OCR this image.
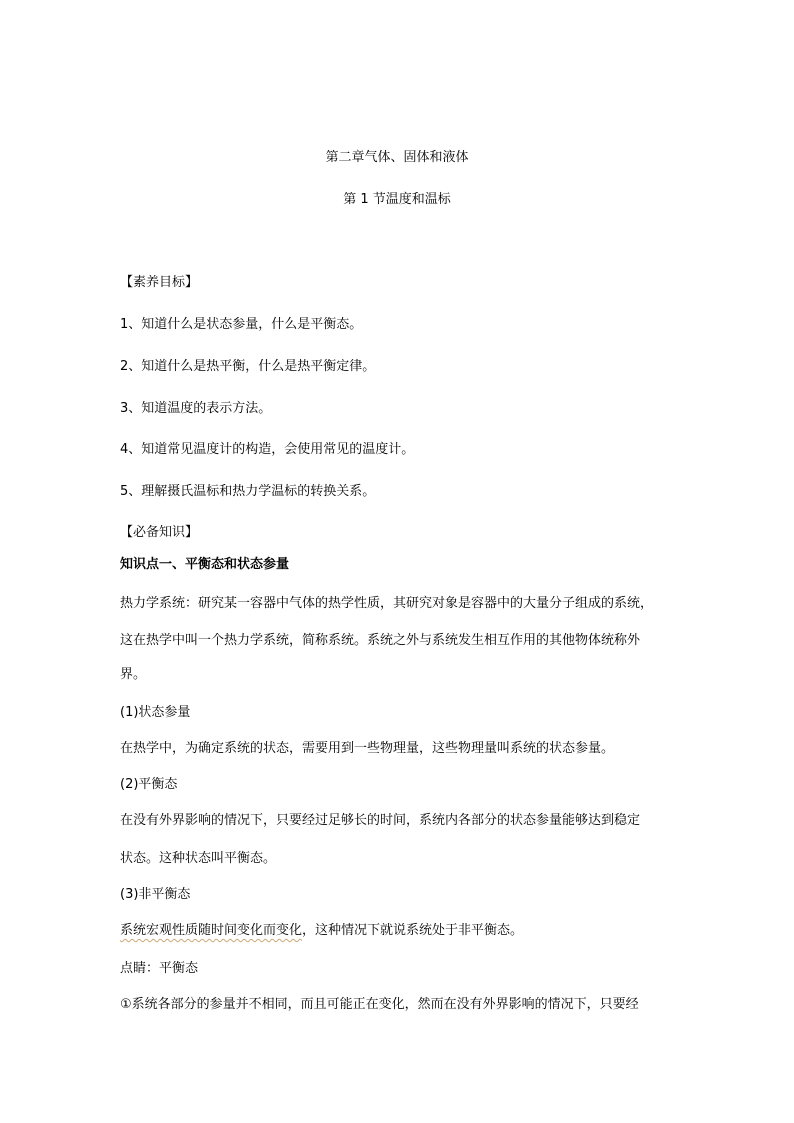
第二章气体、固体和液体
第 1 节温度和温标
【素养目标】
1、知道什么是状态参量，什么是平衡态。
2、知道什么是热平衡，什么是热平衡定律。
3、知道温度的表示方法。
4、知道常见温度计的构造，会使用常见的温度计。
5、理解摄氏温标和热力学温标的转换关系。
【必备知识】
知识点一、平衡态和状态参量
热力学系统：研究某一容器中气体的热学性质，其研究对象是容器中的大量分子组成的系统，
这在热学中叫一个热力学系统，简称系统。系统之外与系统发生相互作用的其他物体统称外
界。
(1)状态参量
在热学中，为确定系统的状态，需要用到一些物理量，这些物理量叫系统的状态参量。
(2)平衡态
在没有外界影响的情况下，只要经过足够长的时间，系统内各部分的状态参量能够达到稳定
状态。这种状态叫平衡态。
(3)非平衡态
系统宏观性质随时间变化而变化，这种情况下就说系统处于非平衡态。
点睛：平衡态
①系统各部分的参量并不相同，而且可能正在变化，然而在没有外界影响的情况下，只要经
